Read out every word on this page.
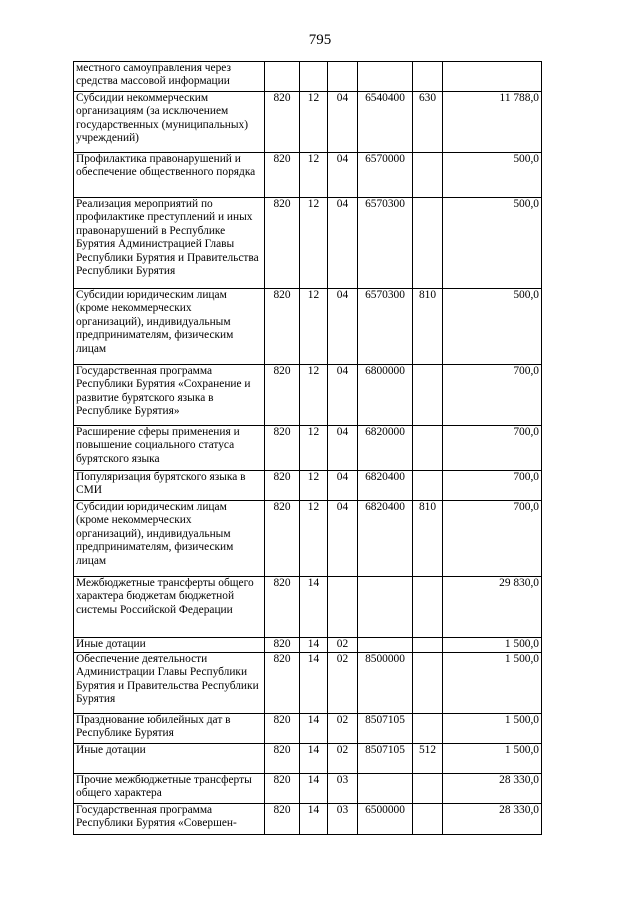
795
местного самоуправления через средства массовой информации						
Субсидии некоммерческим организациям (за исключением государственных (муниципальных) учреждений)	820	12	04	6540400	630	11 788,0
Профилактика правонарушений и обеспечение общественного порядка	820	12	04	6570000		500,0
Реализация мероприятий по профилактике преступлений и иных правонарушений в Республике Бурятия Администрацией Главы Республики Бурятия и Правительства Республики Бурятия	820	12	04	6570300		500,0
Субсидии юридическим лицам (кроме некоммерческих организаций), индивидуальным предпринимателям, физическим лицам	820	12	04	6570300	810	500,0
Государственная программа Республики Бурятия «Сохранение и развитие бурятского языка в Республике Бурятия»	820	12	04	6800000		700,0
Расширение сферы применения и повышение социального статуса бурятского языка	820	12	04	6820000		700,0
Популяризация бурятского языка в СМИ	820	12	04	6820400		700,0
Субсидии юридическим лицам (кроме некоммерческих организаций), индивидуальным предпринимателям, физическим лицам	820	12	04	6820400	810	700,0
Межбюджетные трансферты общего характера бюджетам бюджетной системы Российской Федерации	820	14				29 830,0
Иные дотации	820	14	02			1 500,0
Обеспечение деятельности Администрации Главы Республики Бурятия и Правительства Республики Бурятия	820	14	02	8500000		1 500,0
Празднование юбилейных дат в Республике Бурятия	820	14	02	8507105		1 500,0
Иные дотации	820	14	02	8507105	512	1 500,0
Прочие межбюджетные трансферты общего характера	820	14	03			28 330,0
Государственная программа Республики Бурятия «Совершен-	820	14	03	6500000		28 330,0
